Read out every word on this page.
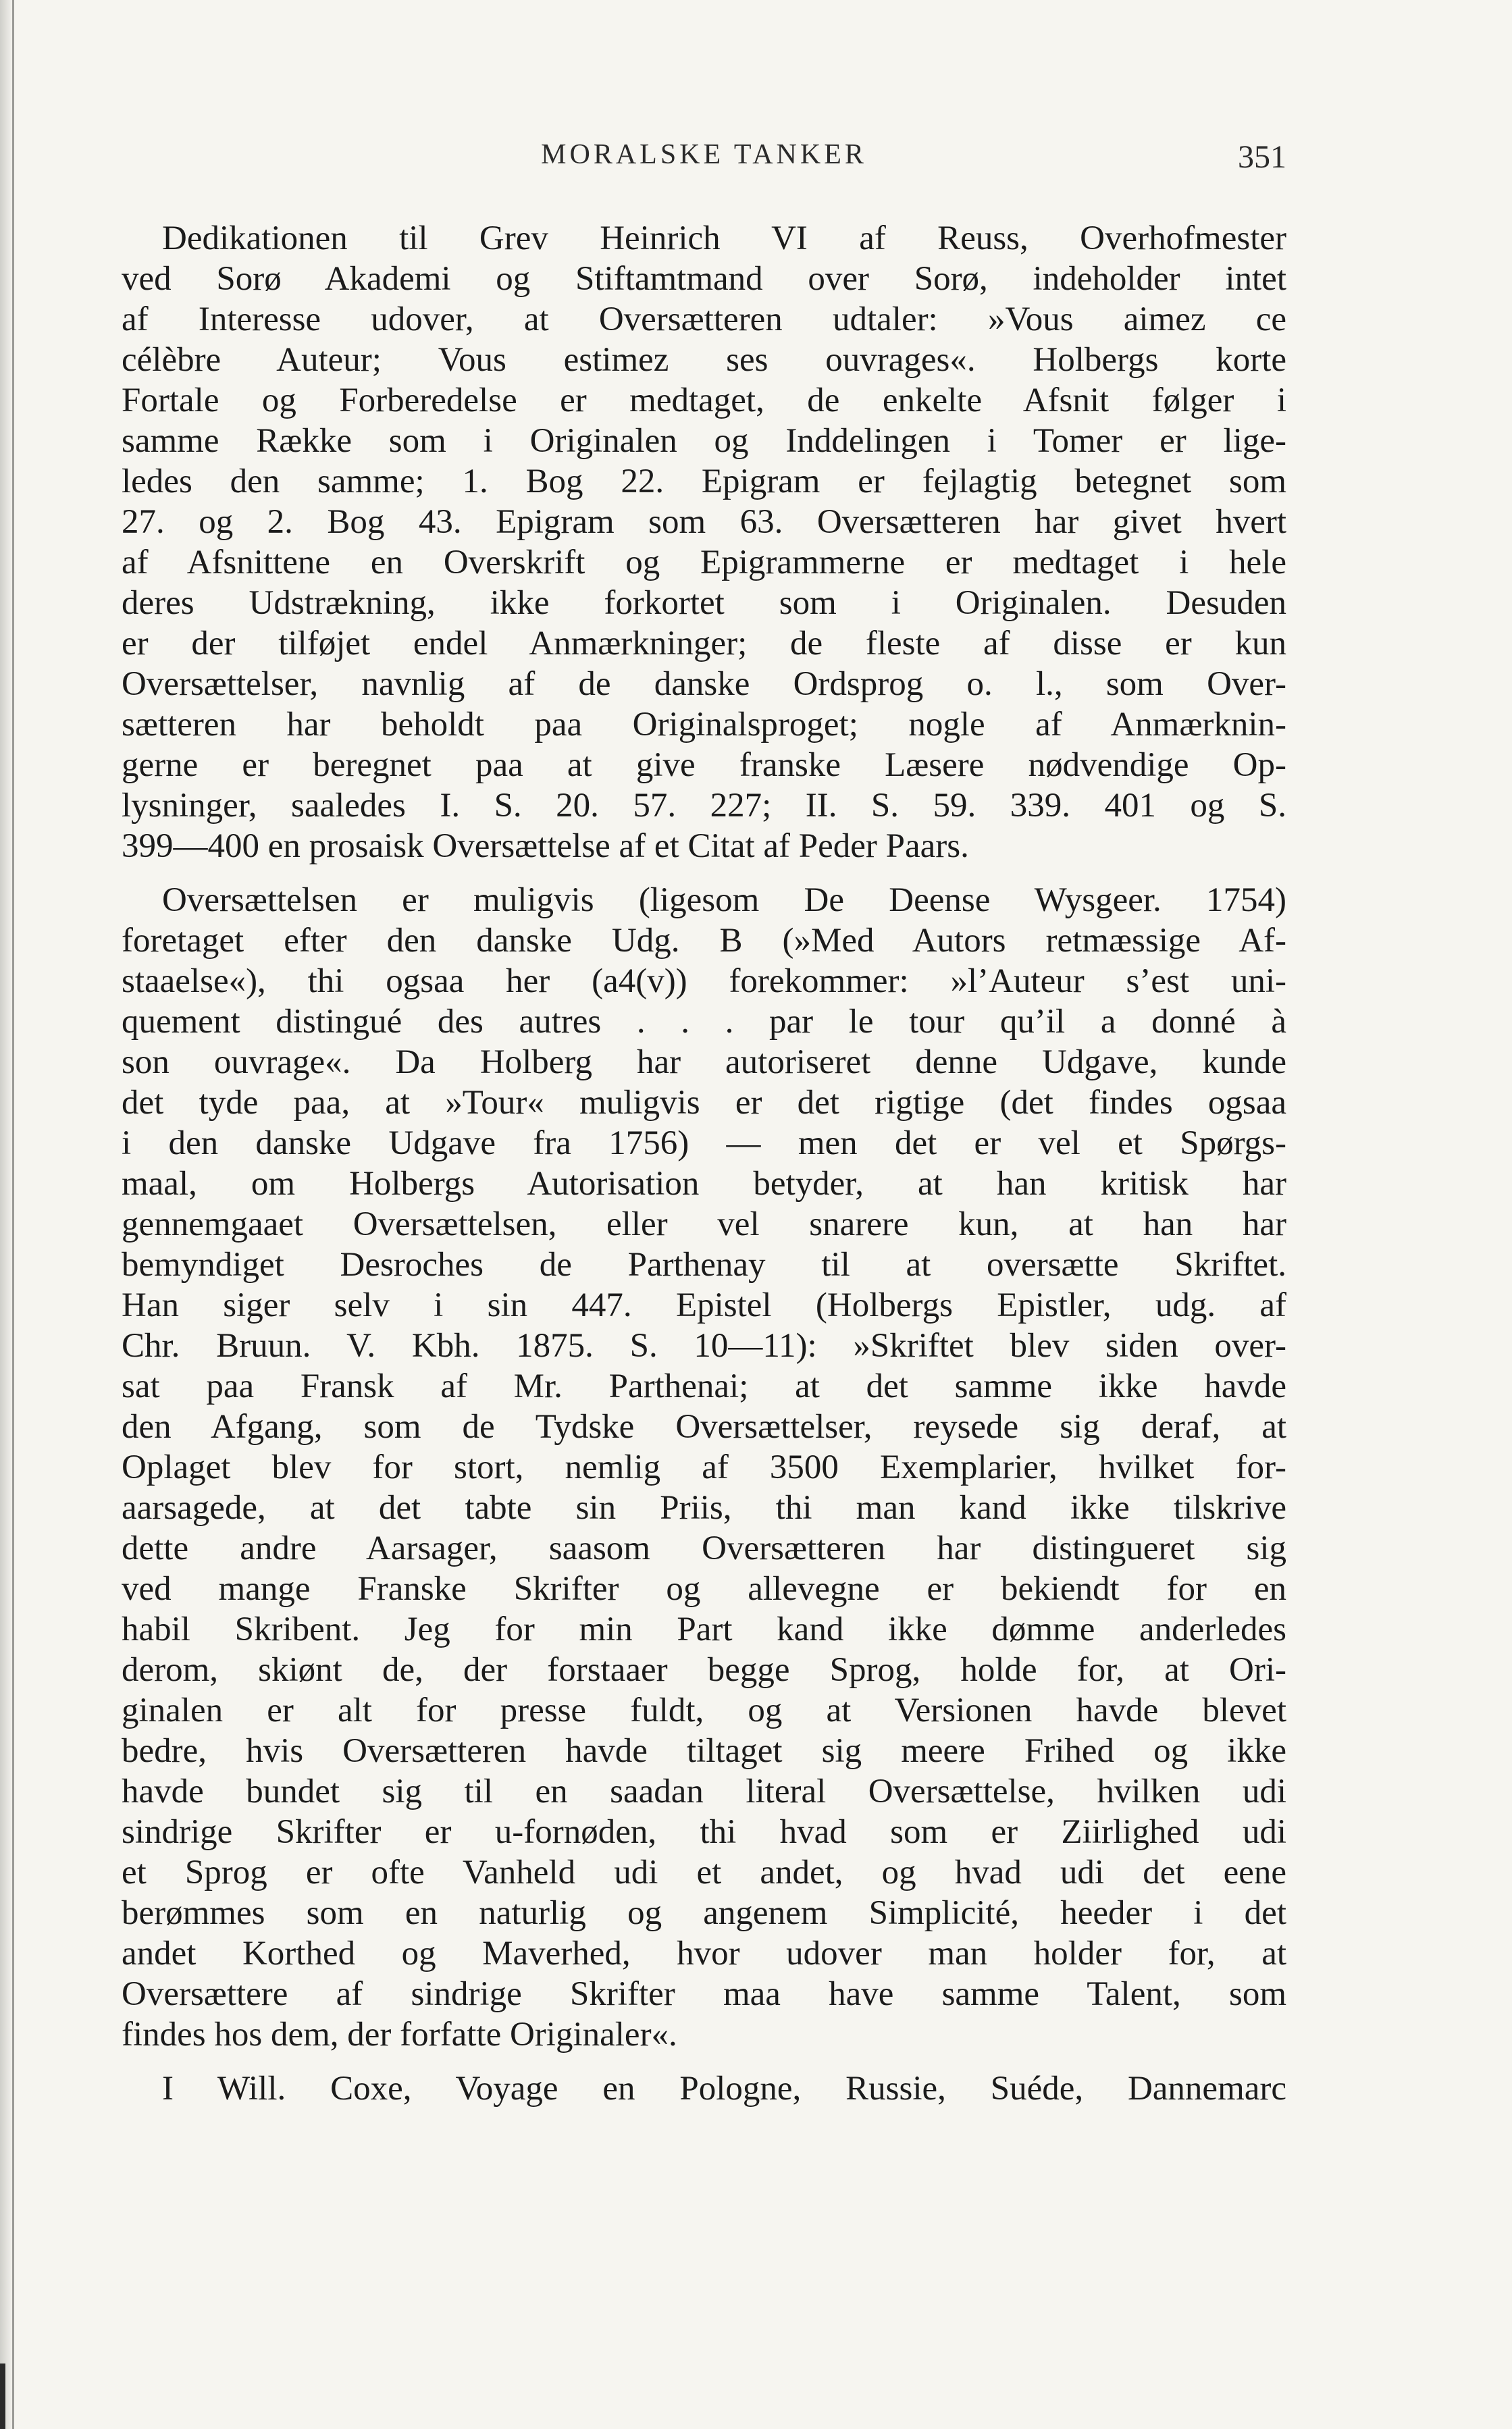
MORALSKE TANKER	351
Dedikationen til Grev Heinrich VI af Reuss, Overhofmester
ved Sorø Akademi og Stiftamtmand over Sorø, indeholder intet
af Interesse udover, at Oversætteren udtaler: »Vous aimez ce
célèbre Auteur; Vous estimez ses ouvrages«. Holbergs korte
Fortale og Forberedelse er medtaget, de enkelte Afsnit følger i
samme Række som i Originalen og Inddelingen i Tomer er lige-
ledes den samme; 1. Bog 22. Epigram er fejlagtig betegnet som
27. og 2. Bog 43. Epigram som 63. Oversætteren har givet hvert
af Afsnittene en Overskrift og Epigrammerne er medtaget i hele
deres Udstrækning, ikke forkortet som i Originalen. Desuden
er der tilføjet endel Anmærkninger; de fleste af disse er kun
Oversættelser, navnlig af de danske Ordsprog o. l., som Over-
sætteren har beholdt paa Originalsproget; nogle af Anmærknin-
gerne er beregnet paa at give franske Læsere nødvendige Op-
lysninger, saaledes I. S. 20. 57. 227; II. S. 59. 339. 401 og S.
399—400 en prosaisk Oversættelse af et Citat af Peder Paars.
Oversættelsen er muligvis (ligesom De Deense Wysgeer. 1754)
foretaget efter den danske Udg. B (»Med Autors retmæssige Af-
staaelse«), thi ogsaa her (a4(v)) forekommer: »l’Auteur s’est uni-
quement distingué des autres . . . par le tour qu’il a donné à
son ouvrage«. Da Holberg har autoriseret denne Udgave, kunde
det tyde paa, at »Tour« muligvis er det rigtige (det findes ogsaa
i den danske Udgave fra 1756) — men det er vel et Spørgs-
maal, om Holbergs Autorisation betyder, at han kritisk har
gennemgaaet Oversættelsen, eller vel snarere kun, at han har
bemyndiget Desroches de Parthenay til at oversætte Skriftet.
Han siger selv i sin 447. Epistel (Holbergs Epistler, udg. af
Chr. Bruun. V. Kbh. 1875. S. 10—11): »Skriftet blev siden over-
sat paa Fransk af Mr. Parthenai; at det samme ikke havde
den Afgang, som de Tydske Oversættelser, reysede sig deraf, at
Oplaget blev for stort, nemlig af 3500 Exemplarier, hvilket for-
aarsagede, at det tabte sin Priis, thi man kand ikke tilskrive
dette andre Aarsager, saasom Oversætteren har distingueret sig
ved mange Franske Skrifter og allevegne er bekiendt for en
habil Skribent. Jeg for min Part kand ikke dømme anderledes
derom, skiønt de, der forstaaer begge Sprog, holde for, at Ori-
ginalen er alt for presse fuldt, og at Versionen havde blevet
bedre, hvis Oversætteren havde tiltaget sig meere Frihed og ikke
havde bundet sig til en saadan literal Oversættelse, hvilken udi
sindrige Skrifter er u-fornøden, thi hvad som er Ziirlighed udi
et Sprog er ofte Vanheld udi et andet, og hvad udi det eene
berømmes som en naturlig og angenem Simplicité, heeder i det
andet Korthed og Maverhed, hvor udover man holder for, at
Oversættere af sindrige Skrifter maa have samme Talent, som
findes hos dem, der forfatte Originaler«.
I Will. Coxe, Voyage en Pologne, Russie, Suéde, Dannemarc
